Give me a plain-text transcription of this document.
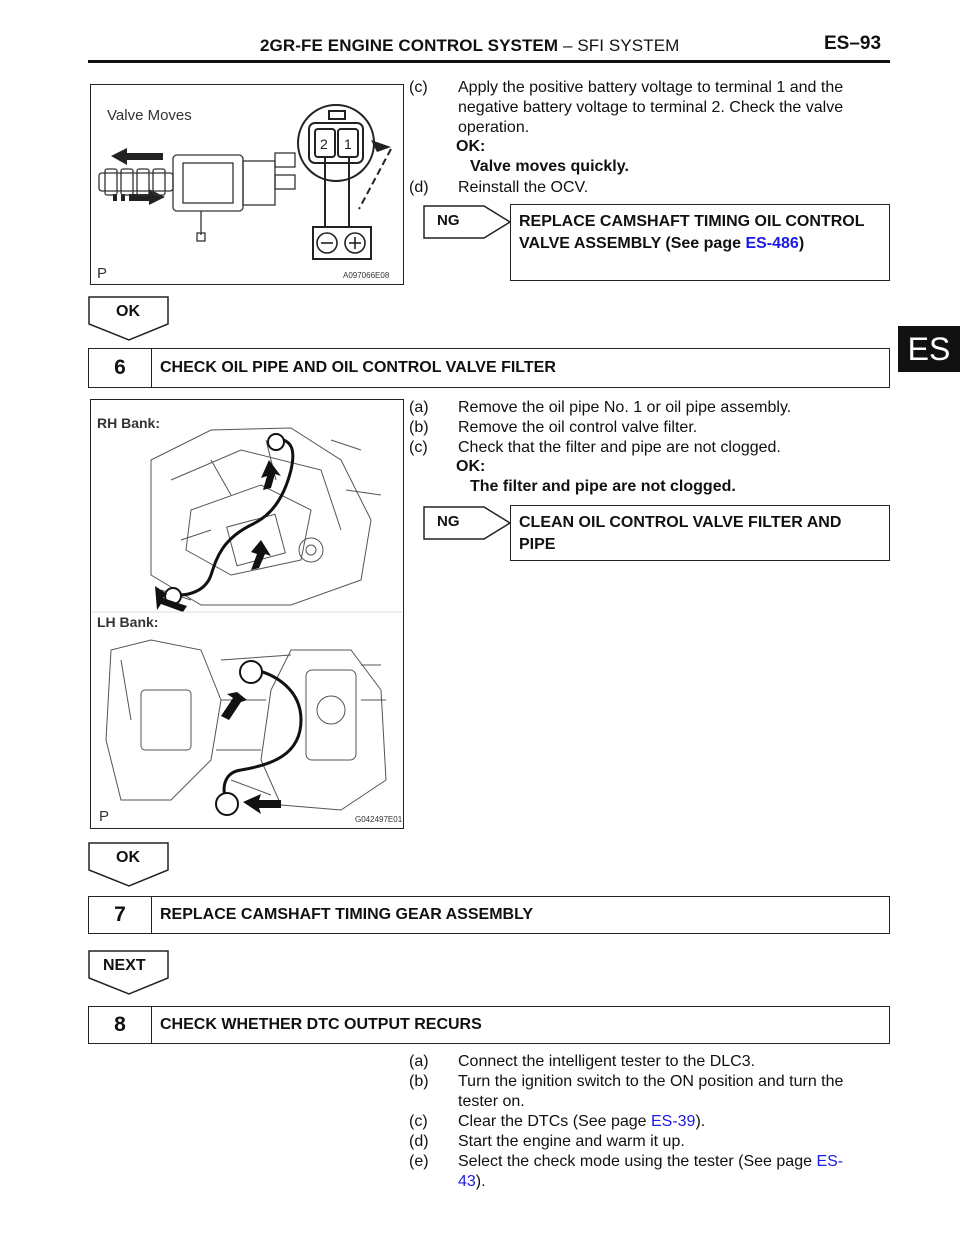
2GR-FE ENGINE CONTROL SYSTEM – SFI SYSTEM	ES–93
ES
2 1
Valve Moves
P	A097066E08
(c) Apply the positive battery voltage to terminal 1 and the negative battery voltage to terminal 2. Check the valve operation.
OK:
Valve moves quickly.
(d) Reinstall the OCV.
NG	REPLACE CAMSHAFT TIMING OIL CONTROL VALVE ASSEMBLY (See page ES-486)
OK
6	CHECK OIL PIPE AND OIL CONTROL VALVE FILTER
RH Bank:
LH Bank:
P	G042497E01
(a) Remove the oil pipe No. 1 or oil pipe assembly.
(b) Remove the oil control valve filter.
(c) Check that the filter and pipe are not clogged.
OK:
The filter and pipe are not clogged.
NG	CLEAN OIL CONTROL VALVE FILTER AND PIPE
OK
7	REPLACE CAMSHAFT TIMING GEAR ASSEMBLY
NEXT
8	CHECK WHETHER DTC OUTPUT RECURS
(a) Connect the intelligent tester to the DLC3.
(b) Turn the ignition switch to the ON position and turn the tester on.
(c) Clear the DTCs (See page ES-39).
(d) Start the engine and warm it up.
(e) Select the check mode using the tester (See page ES-43).
